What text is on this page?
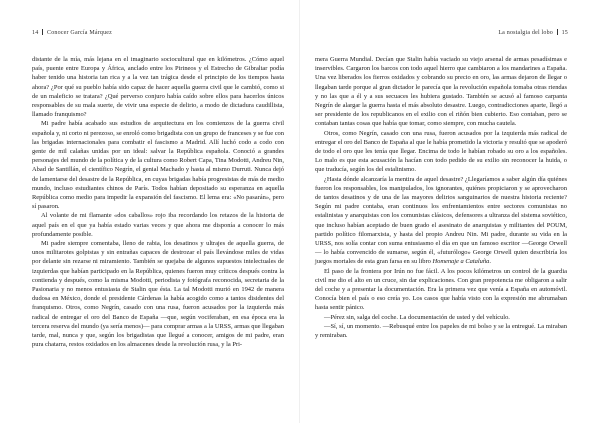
14 Conocer García Márquez

distante de la mía, más lejana en el imaginario sociocultural que en kilómetros. ¿Cómo aquel país, puente entre Europa y África, anclado entre los Pirineos y el Estrecho de Gibraltar podía haber tenido una historia tan rica y a la vez tan trágica desde el principio de los tiempos hasta ahora? ¿Por qué su pueblo había sido capaz de hacer aquella guerra civil que le cambió, como si de un maleficio se tratara? ¿Qué perverso conjuro había caído sobre ellos para hacerlos únicos responsables de su mala suerte, de vivir una especie de delirio, a modo de dictadura caudillista, llamado franquismo?

Mi padre había acabado sus estudios de arquitectura en los comienzos de la guerra civil española y, ni corto ni perezoso, se enroló como brigadista con un grupo de franceses y se fue con las brigadas internacionales para combatir el fascismo a Madrid. Allí luchó codo a codo con gente de mil calañas unidas por un ideal: salvar la República española. Conoció a grandes personajes del mundo de la política y de la cultura como Robert Capa, Tina Modotti, Andreu Nin, Abad de Santillán, el científico Negrín, el genial Machado y hasta al mismo Durruti. Nunca dejó de lamentarse del desastre de la República, en cuyas brigadas había progresistas de más de medio mundo, incluso estudiantes chinos de París. Todos habían depositado su esperanza en aquella República como medio para impedir la expansión del fascismo. El lema era: «No pasarán», pero sí pasaron.

Al volante de mi flamante «dos caballos» rojo iba recordando los retazos de la historia de aquel país en el que ya había estado varias veces y que ahora me disponía a conocer lo más profundamente posible.

Mi padre siempre comentaba, lleno de rabia, los desatinos y ultrajes de aquella guerra, de unos militarotes golpistas y sin entrañas capaces de destrozar el país llevándose miles de vidas por delante sin rezarse ni miramiento. También se quejaba de algunos supuestos intelectuales de izquierdas que habían participado en la República, quienes fueron muy críticos después contra la contienda y después, como la misma Modotti, periodista y fotógrafa reconocida, secretaria de la Pasionaria y no menos entusiasta de Stalin que ésta. La tal Modotti murió en 1942 de manera dudosa en México, donde el presidente Cárdenas la había acogido como a tantos disidentes del franquismo. Otros, como Negrín, casado con una rusa, fueron acusados por la izquierda más radical de entregar el oro del Banco de España —que, según vociferaban, en esa época era la tercera reserva del mundo (ya sería menos)— para comprar armas a la URSS, armas que llegaban tarde, mal, nunca y que, según los brigadistas que llegué a conocer, amigos de mi padre, eran pura chatarra, restos oxidados en los almacenes desde la revolución rusa, y la Pri-

La nostalgia del lobo 15

mera Guerra Mundial. Decían que Stalin había vaciado su viejo arsenal de armas pesadísimas e inservibles. Cargaron los barcos con todo aquel hierro que cambiaron a los mandarines a España. Una vez liberados los fierros oxidados y cobrando su precio en oro, las armas dejaron de llegar o llegaban tarde porque al gran dictador le parecía que la revolución española tomaba otras riendas y no las que a él y a sus secuaces les hubiera gustado. También se acusó al famoso carpanta Negrín de alargar la guerra hasta el más absoluto desastre. Luego, contradicciones aparte, llegó a ser presidente de los republicanos en el exilio con el riñón bien cubierto. Eso contaban, pero se contaban tantas cosas que había que tomar, como siempre, con mucha cautela.

Otros, como Negrín, casado con una rusa, fueron acusados por la izquierda más radical de entregar el oro del Banco de España al que le había prometido la victoria y resultó que se apoderó de todo el oro que les tenía que llegar. Encima de todo le habían robado su oro a los españoles. Lo malo es que esta acusación la hacían con todo pedido de su exilio sin reconocer la huida, o que traducía, según los del estalinismo.

¿Hasta dónde alcanzaría la mentira de aquel desastre? ¿Llegaríamos a saber algún día quiénes fueron los responsables, los manipulados, los ignorantes, quiénes propiciaron y se aprovecharon de tantos desatinos y de una de las mayores delirios sanguinarios de nuestra historia reciente? Según mi padre contaba, eran continuos los enfrentamientos entre sectores comunistas no estalinistas y anarquistas con los comunistas clásicos, defensores a ultranza del sistema soviético, que incluso habían aceptado de buen grado el asesinato de anarquistas y militantes del POUM, partido político filomarxista, y hasta del propio Andreu Nin. Mi padre, durante su vida en la URSS, nos solía contar con suma entusiasmo el día en que un famoso escritor —George Orwell— lo había convencido de sumarse, según él, «futurólogo» George Orwell quien describiría los juegos mortales de esta gran farsa en su libro Homenaje a Cataluña.

El paso de la frontera por Irún no fue fácil. A los pocos kilómetros un control de la guardia civil me dio el alto en un cruce, sin dar explicaciones. Con gran prepotencia me obligaron a salir del coche y a presentar la documentación. Era la primera vez que venía a España en automóvil. Conocía bien el país o eso creía yo. Los casos que había visto con la expresión me abrumaban hasta sentir pánico.

—Pérez sin, salga del coche. La documentación de usted y del vehículo.

—Sí, sí, un momento. —Rebusqué entre los papeles de mi bolso y se la entregué. La miraban y remiraban.
